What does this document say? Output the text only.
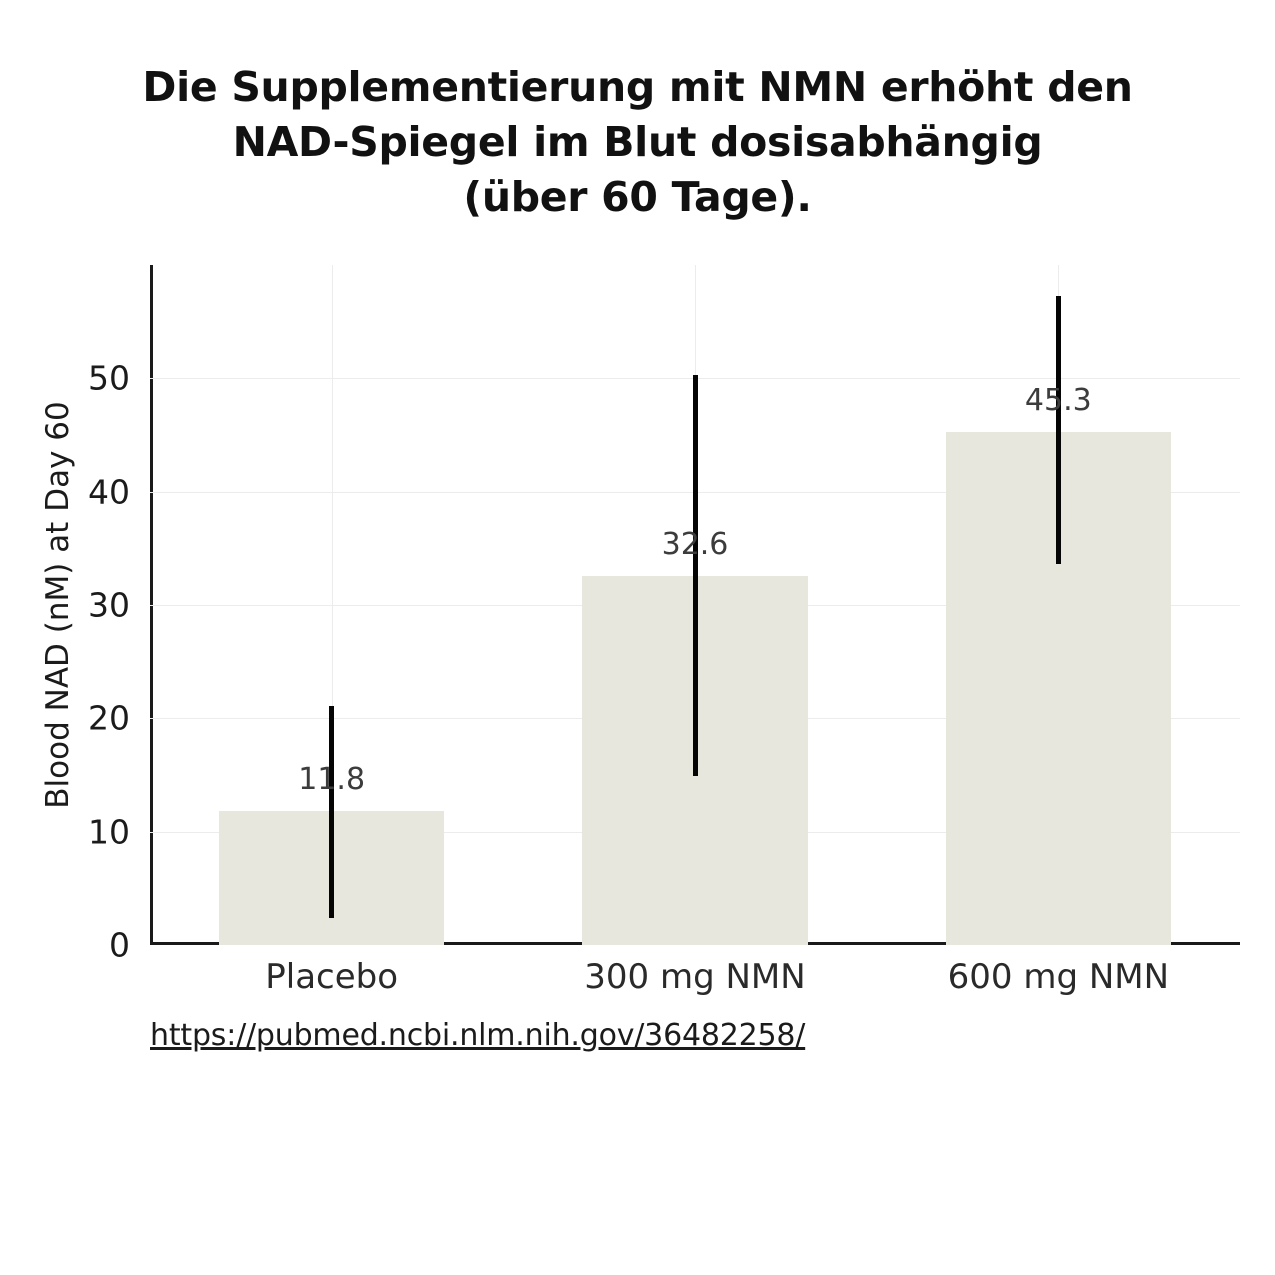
Die Supplementierung mit NMN erhöht den
NAD-Spiegel im Blut dosisabhängig
(über 60 Tage).
Blood NAD (nM) at Day 60
0
10
20
30
40
50
11.8
Placebo
32.6
300 mg NMN
45.3
600 mg NMN
https://pubmed.ncbi.nlm.nih.gov/36482258/
